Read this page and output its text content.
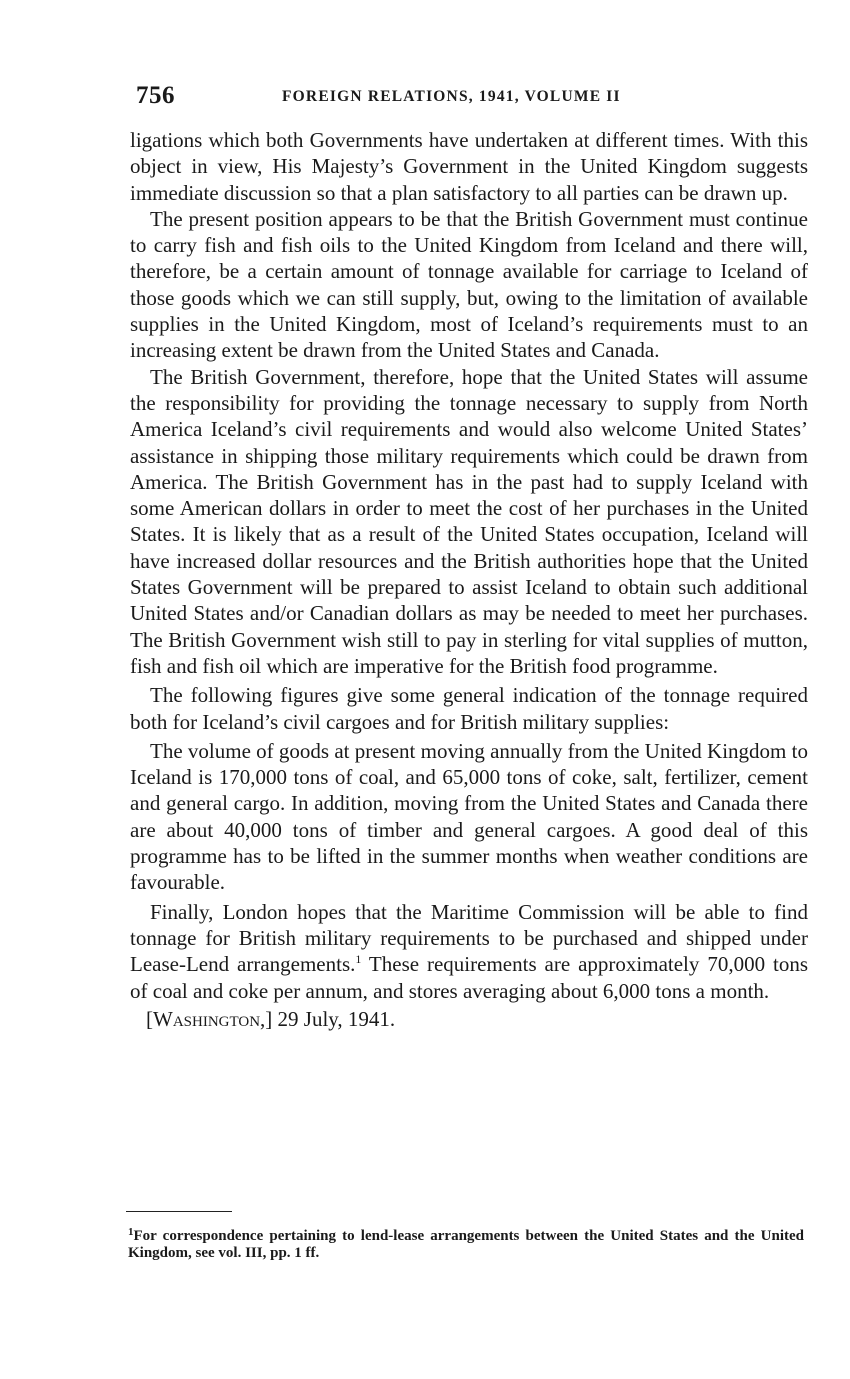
756	FOREIGN RELATIONS, 1941, VOLUME II

ligations which both Governments have undertaken at different times. With this object in view, His Majesty’s Government in the United Kingdom suggests immediate discussion so that a plan satisfactory to all parties can be drawn up.

The present position appears to be that the British Government must continue to carry fish and fish oils to the United Kingdom from Iceland and there will, therefore, be a certain amount of tonnage available for carriage to Iceland of those goods which we can still supply, but, owing to the limitation of available supplies in the United Kingdom, most of Iceland’s requirements must to an increasing extent be drawn from the United States and Canada.

The British Government, therefore, hope that the United States will assume the responsibility for providing the tonnage necessary to supply from North America Iceland’s civil requirements and would also welcome United States’ assistance in shipping those military requirements which could be drawn from America. The British Government has in the past had to supply Iceland with some American dollars in order to meet the cost of her purchases in the United States. It is likely that as a result of the United States occupation, Iceland will have increased dollar resources and the British authorities hope that the United States Government will be prepared to assist Iceland to obtain such additional United States and/or Canadian dollars as may be needed to meet her purchases. The British Government wish still to pay in sterling for vital supplies of mutton, fish and fish oil which are imperative for the British food programme.

The following figures give some general indication of the tonnage required both for Iceland’s civil cargoes and for British military supplies:

The volume of goods at present moving annually from the United Kingdom to Iceland is 170,000 tons of coal, and 65,000 tons of coke, salt, fertilizer, cement and general cargo. In addition, moving from the United States and Canada there are about 40,000 tons of timber and general cargoes. A good deal of this programme has to be lifted in the summer months when weather conditions are favourable.

Finally, London hopes that the Maritime Commission will be able to find tonnage for British military requirements to be purchased and shipped under Lease-Lend arrangements.$^1$ These requirements are approximately 70,000 tons of coal and coke per annum, and stores averaging about 6,000 tons a month.

[Washington,] 29 July, 1941.

$^1$For correspondence pertaining to lend-lease arrangements between the United States and the United Kingdom, see vol. III, pp. 1 ff.
